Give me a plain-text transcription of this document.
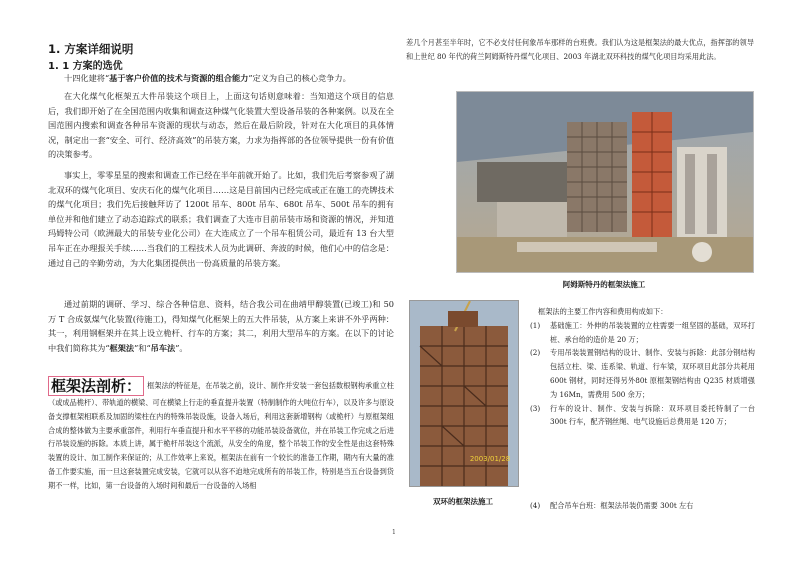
1. 方案详细说明
1. 1 方案的选优
十四化建将“基于客户价值的技术与资源的组合能力”定义为自己的核心竞争力。
在大化煤气化框架五大件吊装这个项目上，上面这句话则意味着：当知道这个项目的信息后，我们即开始了在全国范围内收集和调查这种煤气化装置大型设备吊装的各种案例。以及在全国范围内搜索和调查各种吊车资源的现状与动态，然后在最后阶段，针对在大化项目的具体情况，制定出一套“安全、可行、经济高效”的吊装方案，力求为指挥部的各位领导提供一份有价值的决策参考。
事实上，零零星星的搜索和调查工作已经在半年前就开始了。比如，我们先后考察参观了湖北双环的煤气化项目、安庆石化的煤气化项目……这是目前国内已经完成或正在施工的壳牌技术的煤气化项目；我们先后接触拜访了 1200t 吊车、800t 吊车、680t 吊车、500t 吊车的拥有单位并和他们建立了动态追踪式的联系；我们调查了大连市目前吊装市场和资源的情况，并知道玛姆特公司（欧洲最大的吊装专业化公司）在大连成立了一个吊车租赁公司，最近有 13 台大型吊车正在办理报关手续……当我们的工程技术人员为此调研、奔波的时候，他们心中的信念是：通过自己的辛勤劳动，为大化集团提供出一份高质量的吊装方案。
通过前期的调研、学习、综合各种信息、资料，结合我公司在曲靖甲醇装置(已竣工)和 50 万 T 合成氨煤气化装置(待施工)，得知煤气化框架上的五大件吊装，从方案上来讲不外乎两种：其一，利用钢框架并在其上设立桅杆、行车的方案；其二，利用大型吊车的方案。在以下的讨论中我们简称其为“框架法”和“吊车法”。
框架法剖析： 框架法的特征是，在吊装之前，设计、制作并安装一套包括数根钢构承重立柱（或成品桅杆）、带轨道的横梁、可在横梁上行走的垂直提升装置（特制制作的大吨位行车），以及许多与原设备支撑框架相联系及加固的梁柱在内的特殊吊装设施，设备入场后，利用这套新增钢构（或桅杆）与原框架组合成的整体做为主要承重部件，利用行车垂直提升和水平平移的功能吊装设备就位，并在吊装工作完成之后进行吊装设施的拆除。本质上讲，属于桅杆吊装这个流派，从安全的角度，整个吊装工作的安全性是由这套特殊装置的设计、加工制作来保证的；从工作效率上来说，框架法在前有一个较长的准备工作期，期内有大量的准备工作要实施，而一旦这套装置完成安装，它就可以从容不迫地完成所有的吊装工作，特别是当五台设备到货期不一样，比如，第一台设备的入场时间和最后一台设备的入场相
差几个月甚至半年时，它不必支付任何象吊车那样的台班费。我们认为这是框架法的最大优点，指挥部的领导和上世纪 80 年代的荷兰阿姆斯特丹煤气化项目、2003 年湖北双环科技的煤气化项目均采用此法。
阿姆斯特丹的框架法施工
2003/01/28
双环的框架法施工
框架法的主要工作内容和费用构成如下：
(1)	基础施工：外伸的吊装装置的立柱需要一组坚固的基础，双环打桩、承台给的造价是 20 万；
(2)	专用吊装装置钢结构的设计、制作、安装与拆除：此部分钢结构包括立柱、梁、连系梁、轨道、行车梁，双环项目此部分共耗用 600t 钢材，同时还得另外80t 原框架钢结构由 Q235 材质增强为 16Mn，需费用 500 余万；
(3)	行车的设计、制作、安装与拆除：双环项目委托特制了一台 300t 行车，配齐钢丝绳、电气设施后总费用是 120 万；
(4)	配合吊车台班：框架法吊装仍需要 300t 左右
1
